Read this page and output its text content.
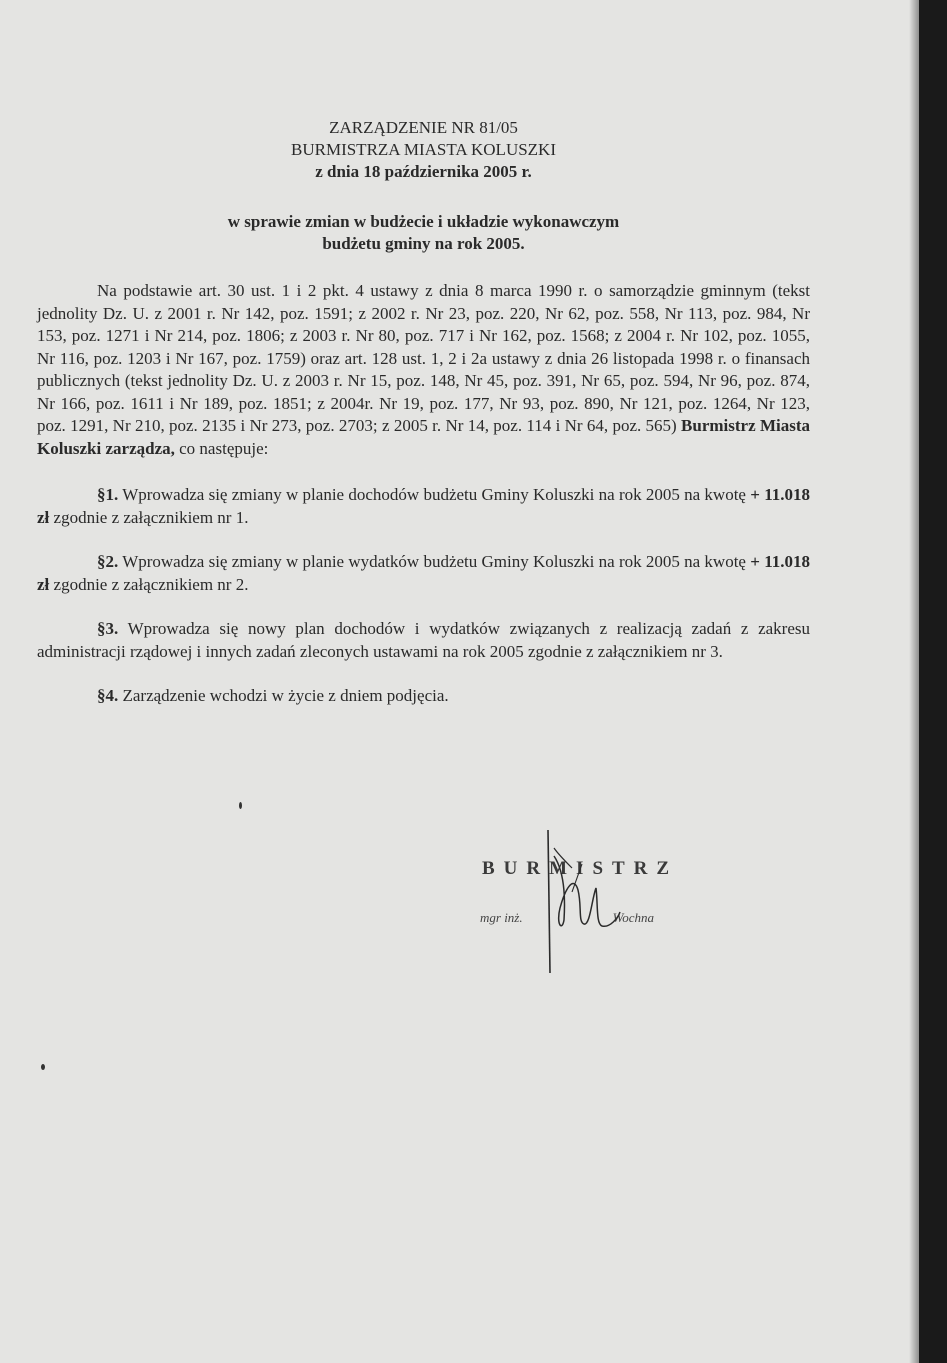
ZARZĄDZENIE NR 81/05
BURMISTRZA MIASTA KOLUSZKI
z dnia 18 października 2005 r.
w sprawie zmian w budżecie i układzie wykonawczym
budżetu gminy na rok 2005.

Na podstawie art. 30 ust. 1 i 2 pkt. 4 ustawy z dnia 8 marca 1990 r. o samorządzie gminnym (tekst jednolity Dz. U. z 2001 r. Nr 142, poz. 1591; z 2002 r. Nr 23, poz. 220, Nr 62, poz. 558, Nr 113, poz. 984, Nr 153, poz. 1271 i Nr 214, poz. 1806; z 2003 r. Nr 80, poz. 717 i Nr 162, poz. 1568; z 2004 r. Nr 102, poz. 1055, Nr 116, poz. 1203 i Nr 167, poz. 1759) oraz art. 128 ust. 1, 2 i 2a ustawy z dnia 26 listopada 1998 r. o finansach publicznych (tekst jednolity Dz. U. z 2003 r. Nr 15, poz. 148, Nr 45, poz. 391, Nr 65, poz. 594, Nr 96, poz. 874, Nr 166, poz. 1611 i Nr 189, poz. 1851; z 2004r. Nr 19, poz. 177, Nr 93, poz. 890, Nr 121, poz. 1264, Nr 123, poz. 1291, Nr 210, poz. 2135 i Nr 273, poz. 2703; z 2005 r. Nr 14, poz. 114 i Nr 64, poz. 565) Burmistrz Miasta Koluszki zarządza, co następuje:

§1. Wprowadza się zmiany w planie dochodów budżetu Gminy Koluszki na rok 2005 na kwotę + 11.018 zł zgodnie z załącznikiem nr 1.

§2. Wprowadza się zmiany w planie wydatków budżetu Gminy Koluszki na rok 2005 na kwotę + 11.018 zł zgodnie z załącznikiem nr 2.

§3. Wprowadza się nowy plan dochodów i wydatków związanych z realizacją zadań z zakresu administracji rządowej i innych zadań zleconych ustawami na rok 2005 zgodnie z załącznikiem nr 3.

§4. Zarządzenie wchodzi w życie z dniem podjęcia.

BURMISTRZ
mgr inż.	Wochna
